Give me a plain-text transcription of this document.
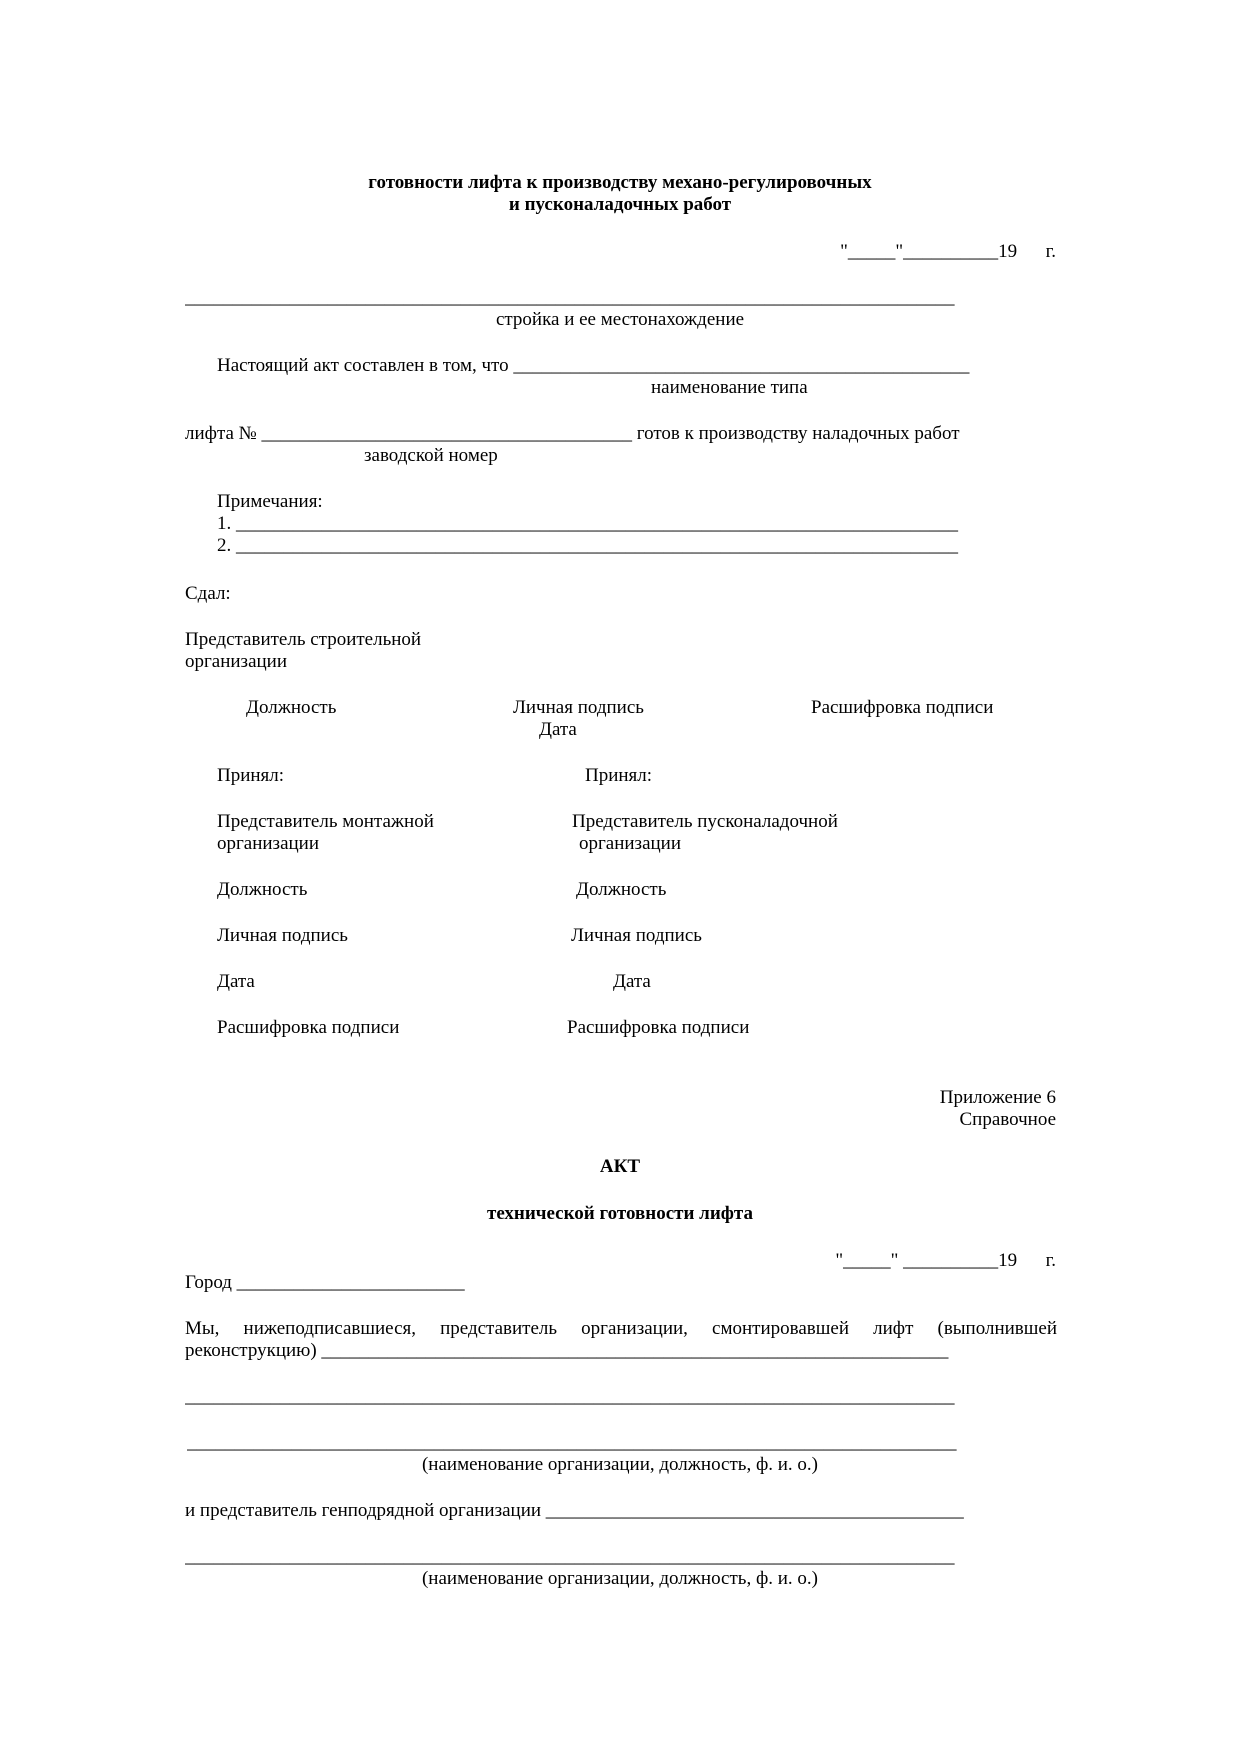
готовности лифта к производству механо-регулировочных

и пусконаладочных работ

"_____"__________19      г.

_________________________________________________________________________________

стройка и ее местонахождение

Настоящий акт составлен в том, что ________________________________________________

наименование типа

лифта № _______________________________________ готов к производству наладочных работ

заводской номер

Примечания:

1. ____________________________________________________________________________

2. ____________________________________________________________________________

Сдал:

Представитель строительной

организации

Должность	Личная подпись	Расшифровка подписи

Дата

Принял:

Представитель монтажной

организации

Должность

Личная подпись

Дата

Расшифровка подписи

Принял:

Представитель пусконаладочной

организации

Должность

Личная подпись

Дата

Расшифровка подписи

Приложение 6

Справочное

АКТ

технической готовности лифта

"_____" __________19      г.

Город ________________________

Мы, нижеподписавшиеся, представитель организации, смонтировавшей лифт (выполнившей

реконструкцию) __________________________________________________________________

_________________________________________________________________________________

_________________________________________________________________________________

(наименование организации, должность, ф. и. о.)

и представитель генподрядной организации ____________________________________________

_________________________________________________________________________________

(наименование организации, должность, ф. и. о.)
